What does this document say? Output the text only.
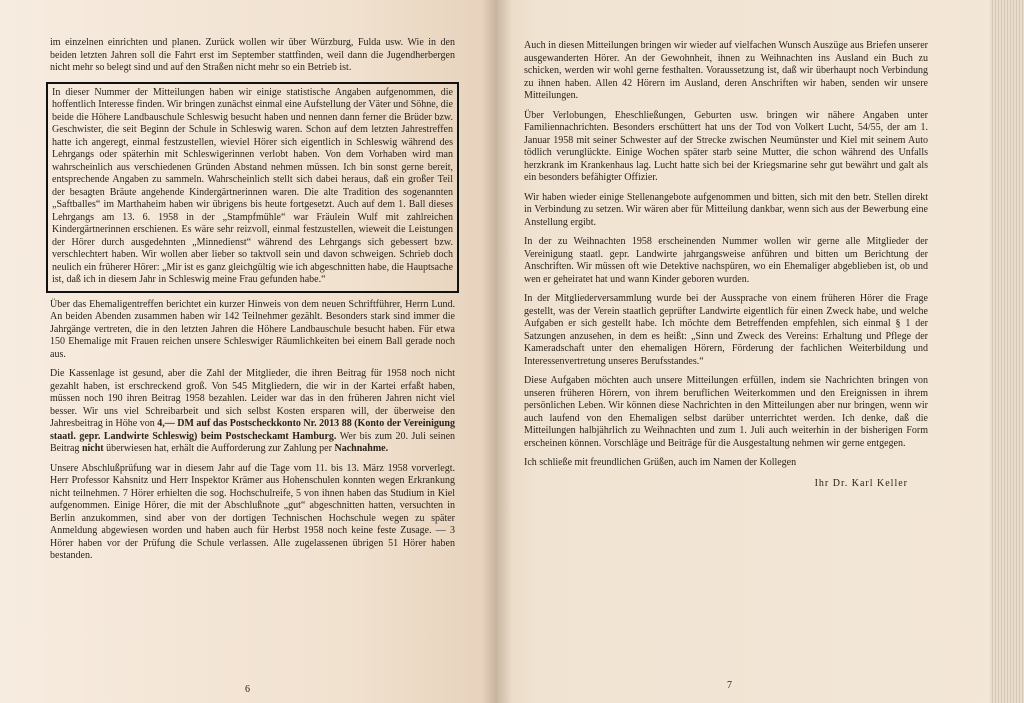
im einzelnen einrichten und planen. Zurück wollen wir über Würzburg, Fulda usw. Wie in den beiden letzten Jahren soll die Fahrt erst im September stattfinden, weil dann die Jugendherbergen nicht mehr so belegt sind und auf den Straßen nicht mehr so ein Betrieb ist.

In dieser Nummer der Mitteilungen haben wir einige statistische Angaben aufgenommen, die hoffentlich Interesse finden. Wir bringen zunächst einmal eine Aufstellung der Väter und Söhne, die beide die Höhere Landbauschule Schleswig besucht haben und nennen dann ferner die Brüder bzw. Geschwister, die seit Beginn der Schule in Schleswig waren. Schon auf dem letzten Jahrestreffen hatte ich angeregt, einmal festzustellen, wieviel Hörer sich eigentlich in Schleswig während des Lehrgangs oder späterhin mit Schleswigerinnen verlobt haben. Von dem Vorhaben wird man wahrscheinlich aus verschiedenen Gründen Abstand nehmen müssen. Ich bin sonst gerne bereit, entsprechende Angaben zu sammeln. Wahrscheinlich stellt sich dabei heraus, daß ein großer Teil der besagten Bräute angehende Kindergärtnerinnen waren. Die alte Tradition des sogenannten „Saftballes“ im Marthaheim haben wir übrigens bis heute fortgesetzt. Auch auf dem 1. Ball dieses Lehrgangs am 13. 6. 1958 in der „Stampfmühle“ war Fräulein Wulf mit zahlreichen Kindergärtnerinnen erschienen. Es wäre sehr reizvoll, einmal festzustellen, wieweit die Leistungen der Hörer durch ausgedehnten „Minnedienst“ während des Lehrgangs sich gebessert bzw. verschlechtert haben. Wir wollen aber lieber so taktvoll sein und davon schweigen. Schrieb doch neulich ein früherer Hörer: „Mir ist es ganz gleichgültig wie ich abgeschnitten habe, die Hauptsache ist, daß ich in diesem Jahr in Schleswig meine Frau gefunden habe.“

Über das Ehemaligentreffen berichtet ein kurzer Hinweis von dem neuen Schriftführer, Herrn Lund. An beiden Abenden zusammen haben wir 142 Teilnehmer gezählt. Besonders stark sind immer die Jahrgänge vertreten, die in den letzten Jahren die Höhere Landbauschule besucht haben. Für etwa 150 Ehemalige mit Frauen reichen unsere Schleswiger Räumlichkeiten bei einem Ball gerade noch aus.

Die Kassenlage ist gesund, aber die Zahl der Mitglieder, die ihren Beitrag für 1958 noch nicht gezahlt haben, ist erschreckend groß. Von 545 Mitgliedern, die wir in der Kartei erfaßt haben, müssen noch 190 ihren Beitrag 1958 bezahlen. Leider war das in den früheren Jahren nicht viel besser. Wir uns viel Schreibarbeit und sich selbst Kosten ersparen will, der überweise den Jahresbeitrag in Höhe von 4,— DM auf das Postscheckkonto Nr. 2013 88 (Konto der Vereinigung staatl. gepr. Landwirte Schleswig) beim Postscheckamt Hamburg. Wer bis zum 20. Juli seinen Beitrag nicht überwiesen hat, erhält die Aufforderung zur Zahlung per Nachnahme.

Unsere Abschlußprüfung war in diesem Jahr auf die Tage vom 11. bis 13. März 1958 vorverlegt. Herr Professor Kahsnitz und Herr Inspektor Krämer aus Hohenschulen konnten wegen Erkrankung nicht teilnehmen. 7 Hörer erhielten die sog. Hochschulreife, 5 von ihnen haben das Studium in Kiel aufgenommen. Einige Hörer, die mit der Abschlußnote „gut“ abgeschnitten hatten, versuchten in Berlin anzukommen, sind aber von der dortigen Technischen Hochschule wegen zu später Anmeldung abgewiesen worden und haben auch für Herbst 1958 noch keine feste Zusage. — 3 Hörer haben vor der Prüfung die Schule verlassen. Alle zugelassenen übrigen 51 Hörer haben bestanden.

6

Auch in diesen Mitteilungen bringen wir wieder auf vielfachen Wunsch Auszüge aus Briefen unserer ausgewanderten Hörer. An der Gewohnheit, ihnen zu Weihnachten ins Ausland ein Buch zu schicken, werden wir wohl gerne festhalten. Voraussetzung ist, daß wir überhaupt noch Verbindung zu ihnen haben. Allen 42 Hörern im Ausland, deren Anschriften wir haben, senden wir unsere Mitteilungen.

Über Verlobungen, Eheschließungen, Geburten usw. bringen wir nähere Angaben unter Familiennachrichten. Besonders erschüttert hat uns der Tod von Volkert Lucht, 54/55, der am 1. Januar 1958 mit seiner Schwester auf der Strecke zwischen Neumünster und Kiel mit seinem Auto tödlich verunglückte. Einige Wochen später starb seine Mutter, die schon während des Unfalls herzkrank im Krankenhaus lag. Lucht hatte sich bei der Kriegsmarine sehr gut bewährt und galt als ein besonders befähigter Offizier.

Wir haben wieder einige Stellenangebote aufgenommen und bitten, sich mit den betr. Stellen direkt in Verbindung zu setzen. Wir wären aber für Mitteilung dankbar, wenn sich aus der Bewerbung eine Anstellung ergibt.

In der zu Weihnachten 1958 erscheinenden Nummer wollen wir gerne alle Mitglieder der Vereinigung staatl. gepr. Landwirte jahrgangsweise anführen und bitten um Berichtung der Anschriften. Wir müssen oft wie Detektive nachspüren, wo ein Ehemaliger abgeblieben ist, ob und wen er geheiratet hat und wann Kinder geboren wurden.

In der Mitgliederversammlung wurde bei der Aussprache von einem früheren Hörer die Frage gestellt, was der Verein staatlich geprüfter Landwirte eigentlich für einen Zweck habe, und welche Aufgaben er sich gestellt habe. Ich möchte dem Betreffenden empfehlen, sich einmal § 1 der Satzungen anzusehen, in dem es heißt: „Sinn und Zweck des Vereins: Erhaltung und Pflege der Kameradschaft unter den ehemaligen Hörern, Förderung der fachlichen Weiterbildung und Interessenvertretung unseres Berufsstandes.“

Diese Aufgaben möchten auch unsere Mitteilungen erfüllen, indem sie Nachrichten bringen von unseren früheren Hörern, von ihrem beruflichen Weiterkommen und den Ereignissen in ihrem persönlichen Leben. Wir können diese Nachrichten in den Mitteilungen aber nur bringen, wenn wir auch laufend von den Ehemaligen selbst darüber unterrichtet werden. Ich denke, daß die Mitteilungen halbjährlich zu Weihnachten und zum 1. Juli auch weiterhin in der bisherigen Form erscheinen können. Vorschläge und Beiträge für die Ausgestaltung nehmen wir gerne entgegen.

Ich schließe mit freundlichen Grüßen, auch im Namen der Kollegen

Ihr Dr. Karl Keller
7
